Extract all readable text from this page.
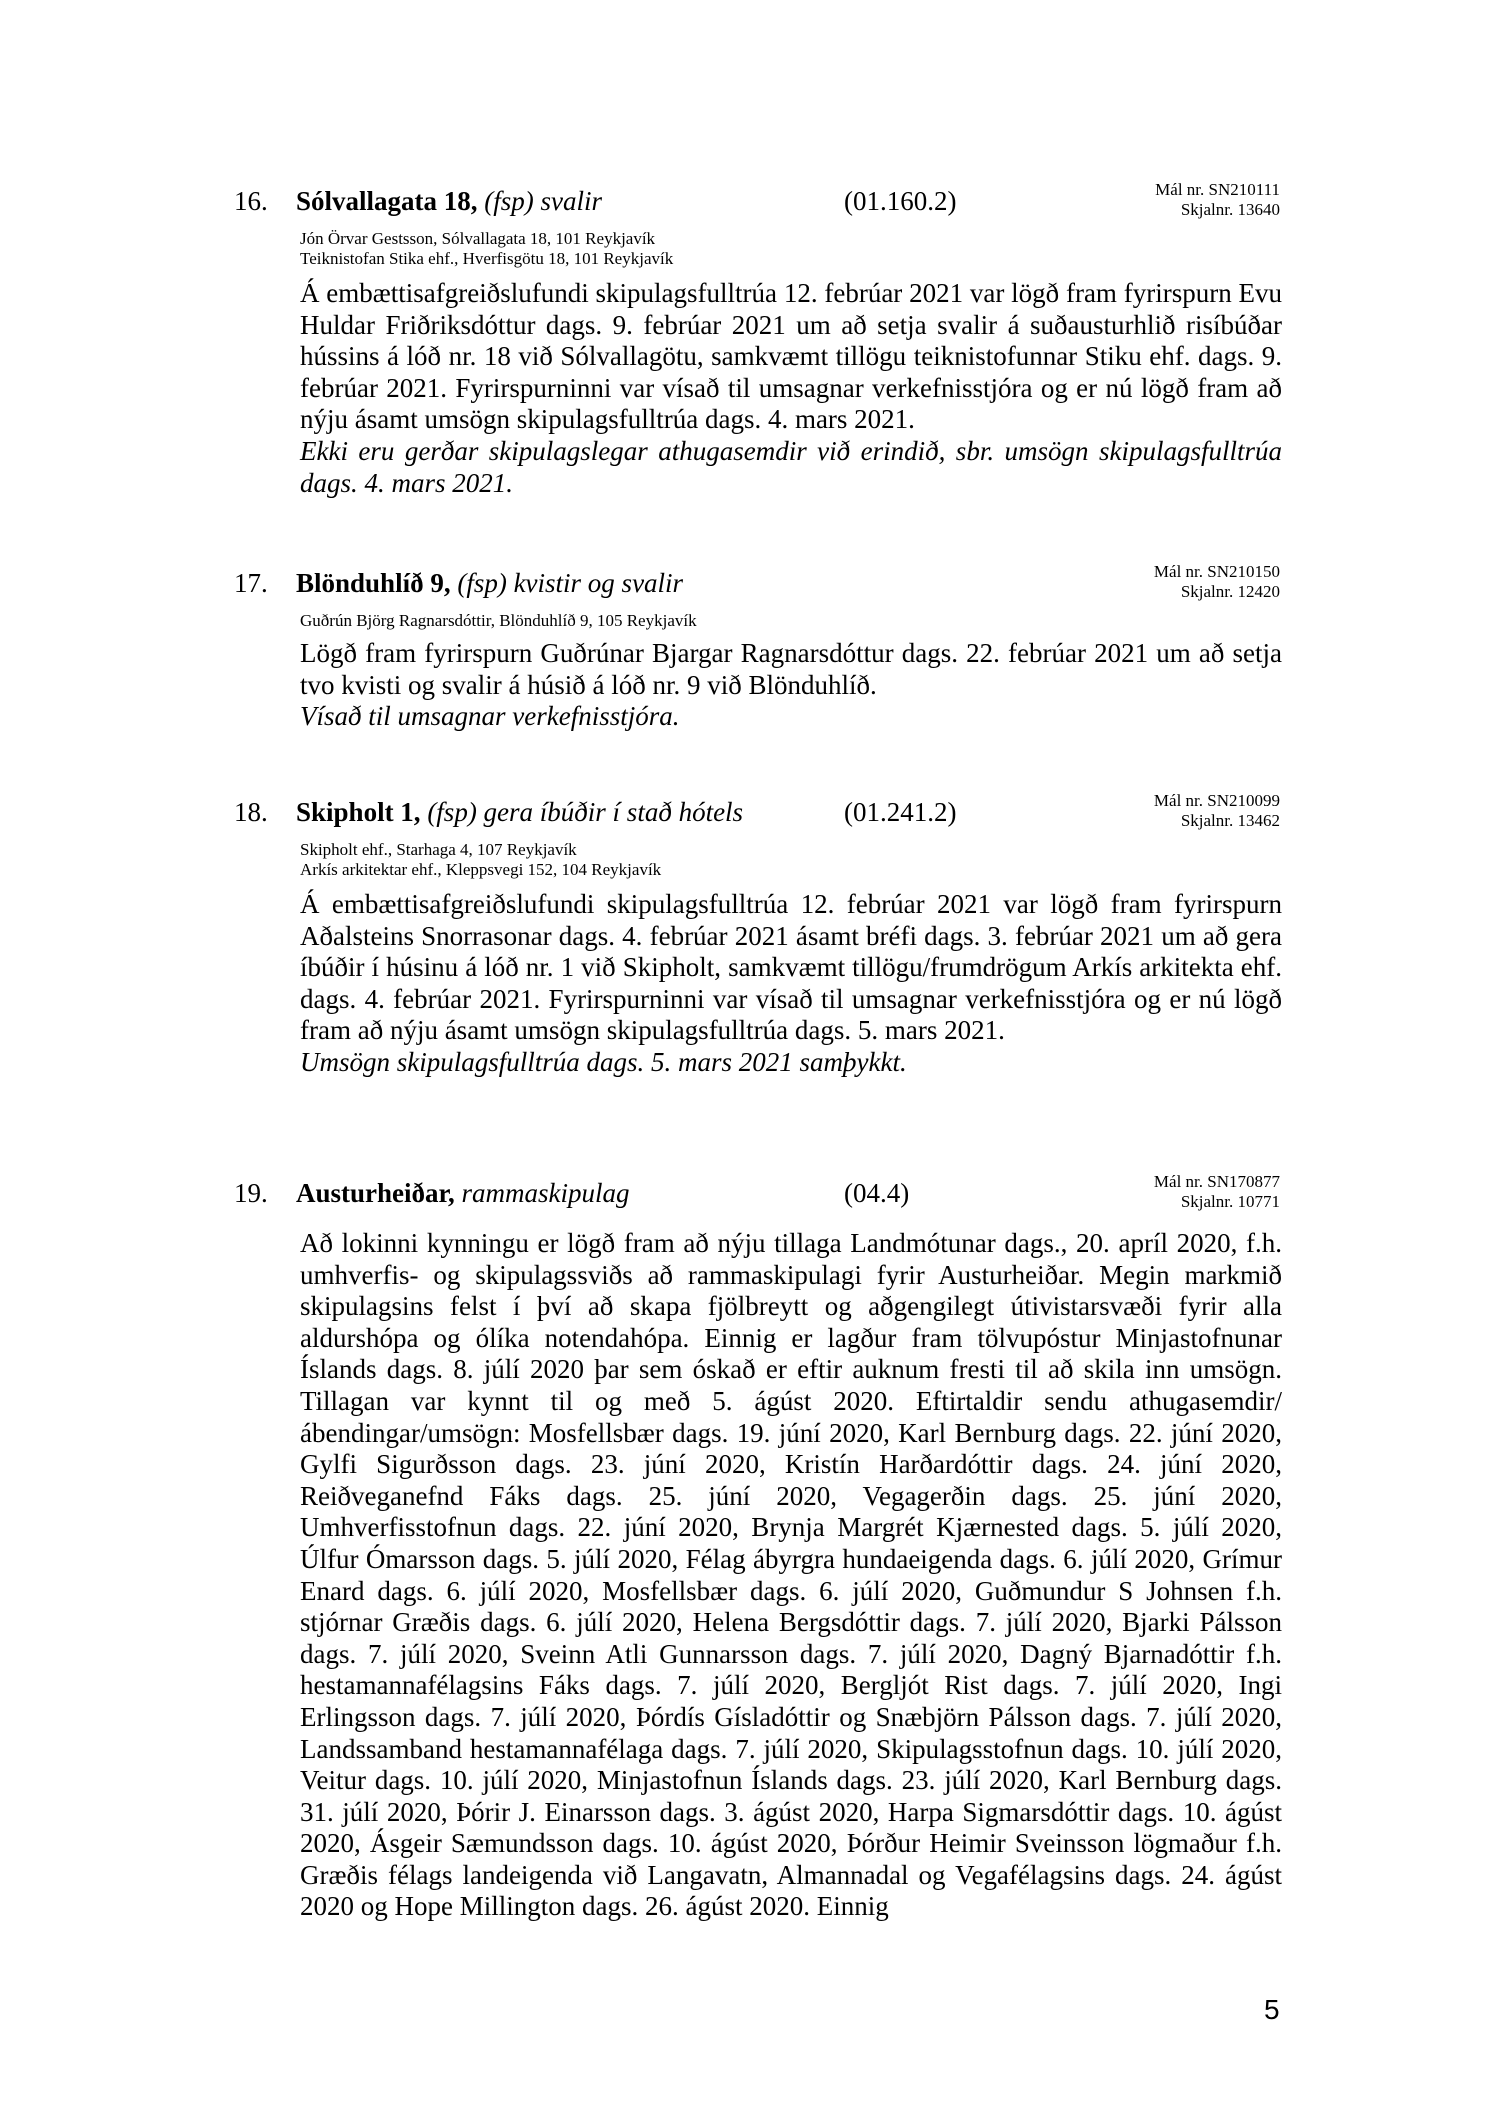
16. Sólvallagata 18, (fsp) svalir	(01.160.2)	Mál nr. SN210111
Skjalnr. 13640
Jón Örvar Gestsson, Sólvallagata 18, 101 Reykjavík
Teiknistofan Stika ehf., Hverfisgötu 18, 101 Reykjavík
Á embættisafgreiðslufundi skipulagsfulltrúa 12. febrúar 2021 var lögð fram fyrirspurn Evu Huldar Friðriksdóttur dags. 9. febrúar 2021 um að setja svalir á suðausturhlið risíbúðar hússins á lóð nr. 18 við Sólvallagötu, samkvæmt tillögu teiknistofunnar Stiku ehf. dags. 9. febrúar 2021. Fyrirspurninni var vísað til umsagnar verkefnisstjóra og er nú lögð fram að nýju ásamt umsögn skipulagsfulltrúa dags. 4. mars 2021.
Ekki eru gerðar skipulagslegar athugasemdir við erindið, sbr. umsögn skipulagsfulltrúa dags. 4. mars 2021.
17. Blönduhlíð 9, (fsp) kvistir og svalir	Mál nr. SN210150
Skjalnr. 12420
Guðrún Björg Ragnarsdóttir, Blönduhlíð 9, 105 Reykjavík
Lögð fram fyrirspurn Guðrúnar Bjargar Ragnarsdóttur dags. 22. febrúar 2021 um að setja tvo kvisti og svalir á húsið á lóð nr. 9 við Blönduhlíð.
Vísað til umsagnar verkefnisstjóra.
18. Skipholt 1, (fsp) gera íbúðir í stað hótels	(01.241.2)	Mál nr. SN210099
Skjalnr. 13462
Skipholt ehf., Starhaga 4, 107 Reykjavík
Arkís arkitektar ehf., Kleppsvegi 152, 104 Reykjavík
Á embættisafgreiðslufundi skipulagsfulltrúa 12. febrúar 2021 var lögð fram fyrirspurn Aðalsteins Snorrasonar dags. 4. febrúar 2021 ásamt bréfi dags. 3. febrúar 2021 um að gera íbúðir í húsinu á lóð nr. 1 við Skipholt, samkvæmt tillögu/frumdrögum Arkís arkitekta ehf. dags. 4. febrúar 2021. Fyrirspurninni var vísað til umsagnar verkefnisstjóra og er nú lögð fram að nýju ásamt umsögn skipulagsfulltrúa dags. 5. mars 2021.
Umsögn skipulagsfulltrúa dags. 5. mars 2021 samþykkt.
19. Austurheiðar, rammaskipulag	(04.4)	Mál nr. SN170877
Skjalnr. 10771
Að lokinni kynningu er lögð fram að nýju tillaga Landmótunar dags., 20. apríl 2020, f.h. umhverfis- og skipulagssviðs að rammaskipulagi fyrir Austurheiðar. Megin markmið skipulagsins felst í því að skapa fjölbreytt og aðgengilegt útivistarsvæði fyrir alla aldurshópa og ólíka notendahópa. Einnig er lagður fram tölvupóstur Minjastofnunar Íslands dags. 8. júlí 2020 þar sem óskað er eftir auknum fresti til að skila inn umsögn. Tillagan var kynnt til og með 5. ágúst 2020. Eftirtaldir sendu athugasemdir/ábendingar/umsögn: Mosfellsbær dags. 19. júní 2020, Karl Bernburg dags. 22. júní 2020, Gylfi Sigurðsson dags. 23. júní 2020, Kristín Harðardóttir dags. 24. júní 2020, Reiðveganefnd Fáks dags. 25. júní 2020, Vegagerðin dags. 25. júní 2020, Umhverfisstofnun dags. 22. júní 2020, Brynja Margrét Kjærnested dags. 5. júlí 2020, Úlfur Ómarsson dags. 5. júlí 2020, Félag ábyrgra hundaeigenda dags. 6. júlí 2020, Grímur Enard dags. 6. júlí 2020, Mosfellsbær dags. 6. júlí 2020, Guðmundur S Johnsen f.h. stjórnar Græðis dags. 6. júlí 2020, Helena Bergsdóttir dags. 7. júlí 2020, Bjarki Pálsson dags. 7. júlí 2020, Sveinn Atli Gunnarsson dags. 7. júlí 2020, Dagný Bjarnadóttir f.h. hestamannafélagsins Fáks dags. 7. júlí 2020, Bergljót Rist dags. 7. júlí 2020, Ingi Erlingsson dags. 7. júlí 2020, Þórdís Gísladóttir og Snæbjörn Pálsson dags. 7. júlí 2020, Landssamband hestamannafélaga dags. 7. júlí 2020, Skipulagsstofnun dags. 10. júlí 2020, Veitur dags. 10. júlí 2020, Minjastofnun Íslands dags. 23. júlí 2020, Karl Bernburg dags. 31. júlí 2020, Þórir J. Einarsson dags. 3. ágúst 2020, Harpa Sigmarsdóttir dags. 10. ágúst 2020, Ásgeir Sæmundsson dags. 10. ágúst 2020, Þórður Heimir Sveinsson lögmaður f.h. Græðis félags landeigenda við Langavatn, Almannadal og Vegafélagsins dags. 24. ágúst 2020 og Hope Millington dags. 26. ágúst 2020. Einnig
5
